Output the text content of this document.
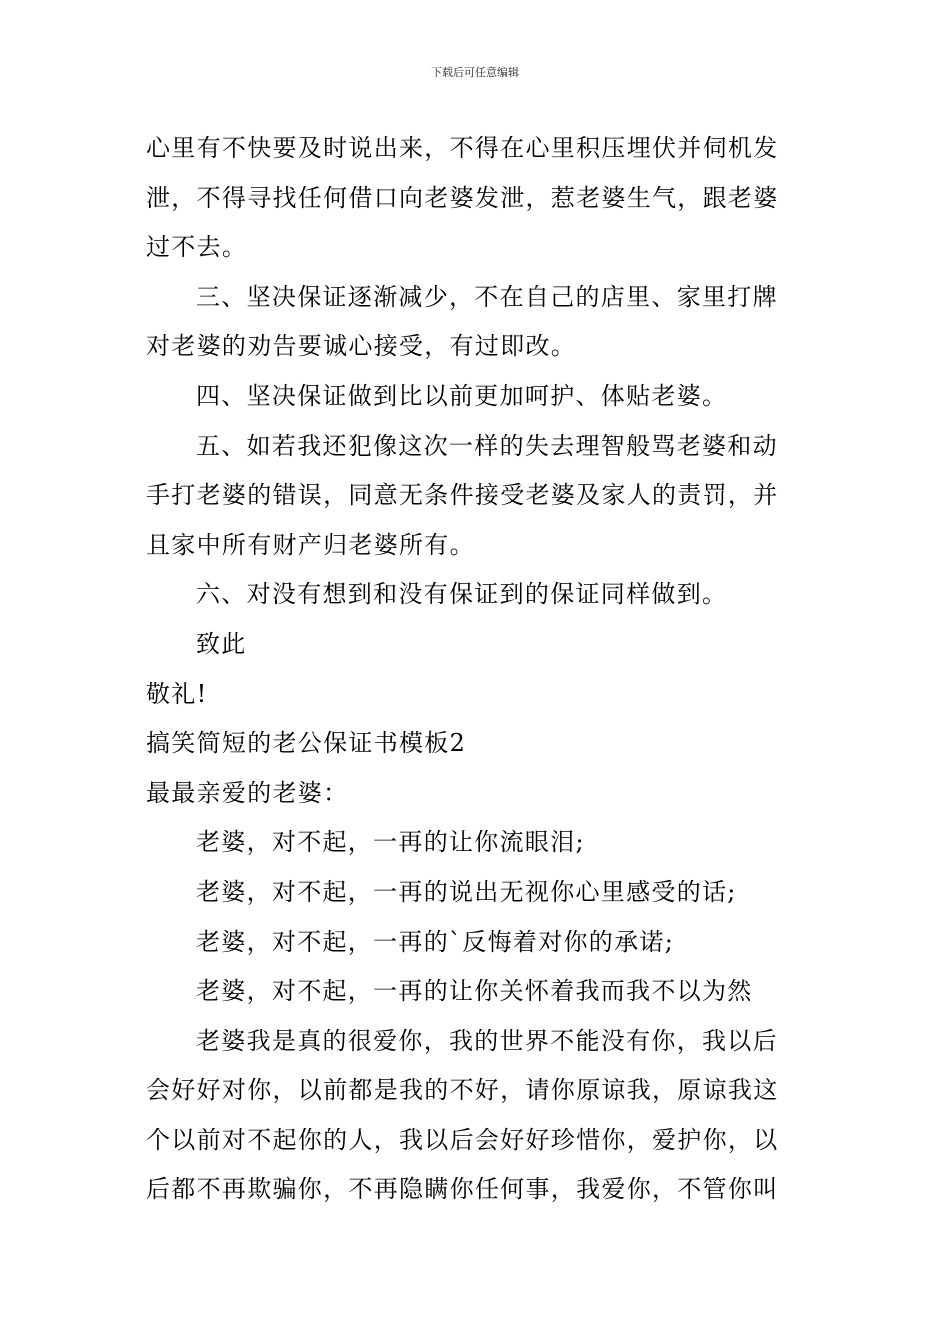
下载后可任意编辑
心里有不快要及时说出来，不得在心里积压埋伏并伺机发
泄，不得寻找任何借口向老婆发泄，惹老婆生气，跟老婆
过不去。
三、坚决保证逐渐减少，不在自己的店里、家里打牌
对老婆的劝告要诚心接受，有过即改。
四、坚决保证做到比以前更加呵护、体贴老婆。
五、如若我还犯像这次一样的失去理智般骂老婆和动
手打老婆的错误，同意无条件接受老婆及家人的责罚，并
且家中所有财产归老婆所有。
六、对没有想到和没有保证到的保证同样做到。
致此
敬礼!
搞笑简短的老公保证书模板2
最最亲爱的老婆：
老婆，对不起，一再的让你流眼泪;
老婆，对不起，一再的说出无视你心里感受的话;
老婆，对不起，一再的`反悔着对你的承诺;
老婆，对不起，一再的让你关怀着我而我不以为然
老婆我是真的很爱你，我的世界不能没有你，我以后
会好好对你，以前都是我的不好，请你原谅我，原谅我这
个以前对不起你的人，我以后会好好珍惜你，爱护你，以
后都不再欺骗你，不再隐瞒你任何事，我爱你，不管你叫
